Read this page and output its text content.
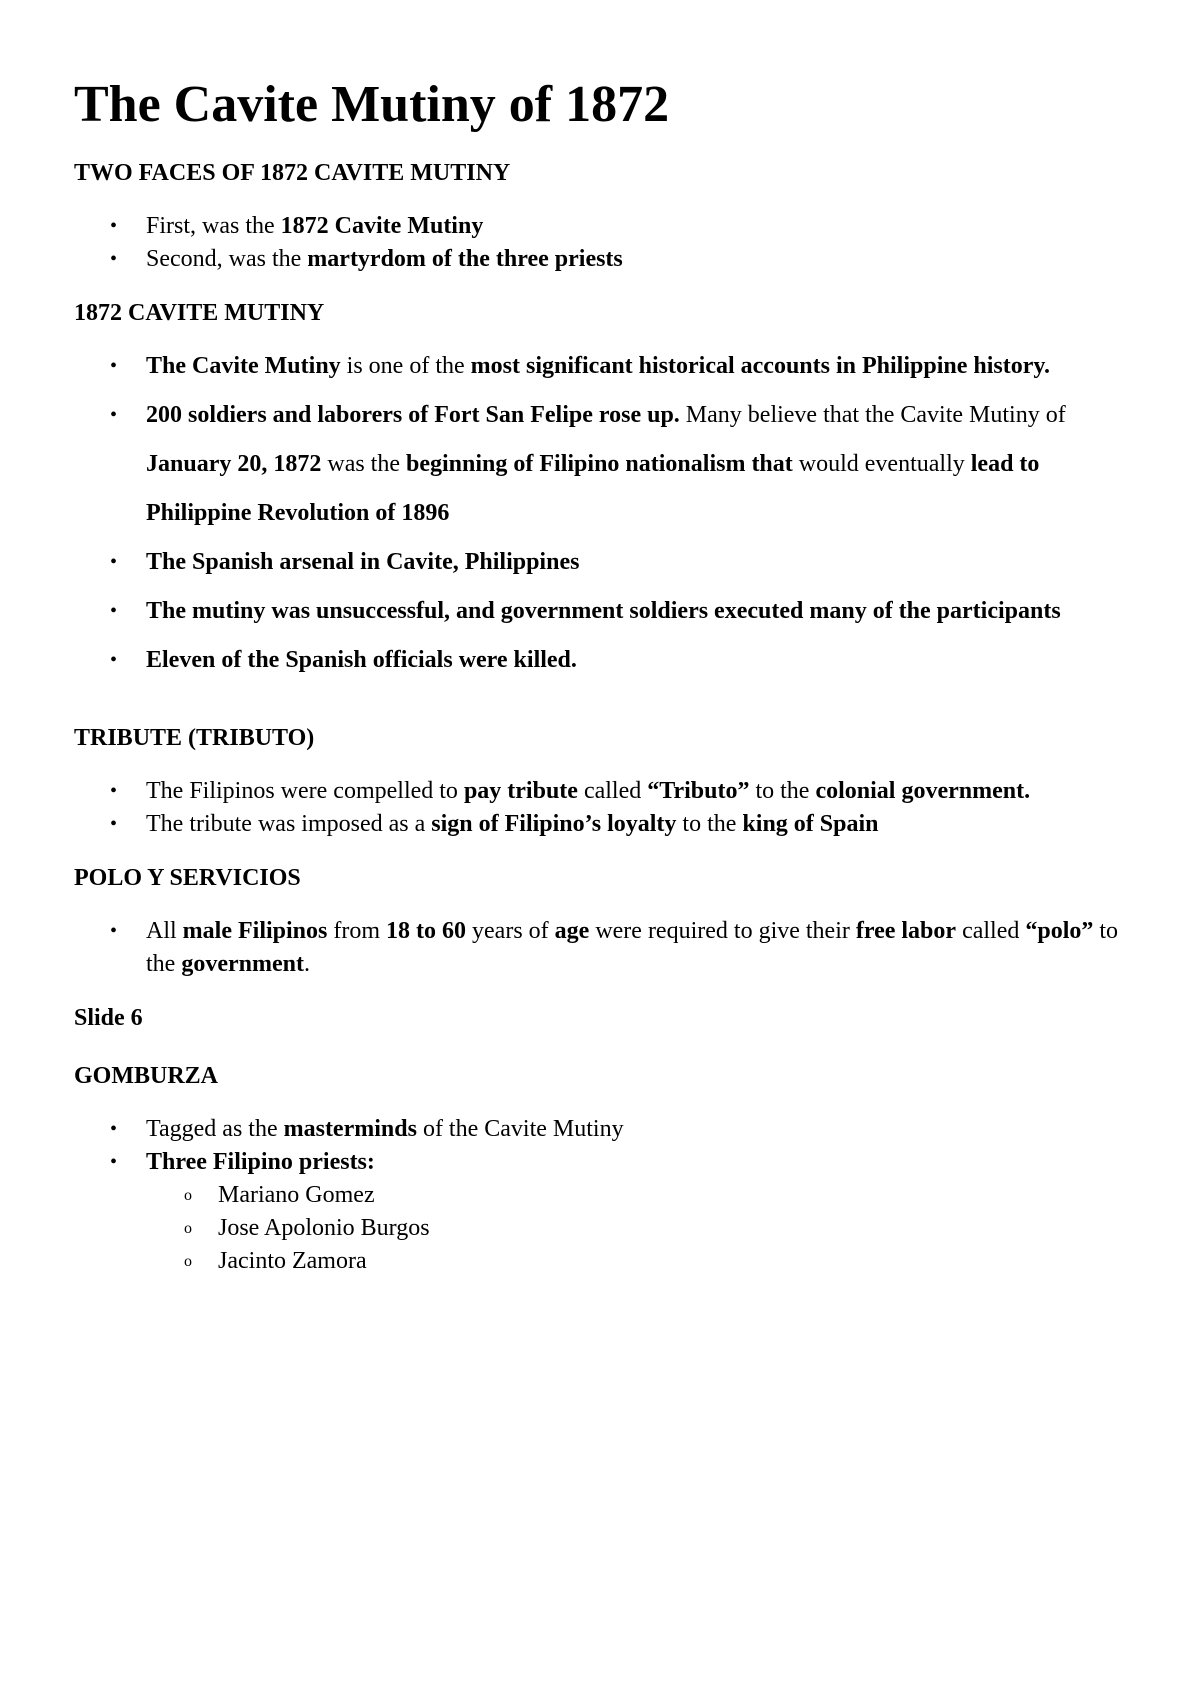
The Cavite Mutiny of 1872
TWO FACES OF 1872 CAVITE MUTINY
• First, was the 1872 Cavite Mutiny
• Second, was the martyrdom of the three priests
1872 CAVITE MUTINY
• The Cavite Mutiny is one of the most significant historical accounts in Philippine history.
• 200 soldiers and laborers of Fort San Felipe rose up. Many believe that the Cavite Mutiny of January 20, 1872 was the beginning of Filipino nationalism that would eventually lead to Philippine Revolution of 1896
• The Spanish arsenal in Cavite, Philippines
• The mutiny was unsuccessful, and government soldiers executed many of the participants
• Eleven of the Spanish officials were killed.
TRIBUTE (TRIBUTO)
• The Filipinos were compelled to pay tribute called “Tributo” to the colonial government.
• The tribute was imposed as a sign of Filipino’s loyalty to the king of Spain
POLO Y SERVICIOS
• All male Filipinos from 18 to 60 years of age were required to give their free labor called “polo” to the government.
Slide 6
GOMBURZA
• Tagged as the masterminds of the Cavite Mutiny
• Three Filipino priests:
o Mariano Gomez
o Jose Apolonio Burgos
o Jacinto Zamora
